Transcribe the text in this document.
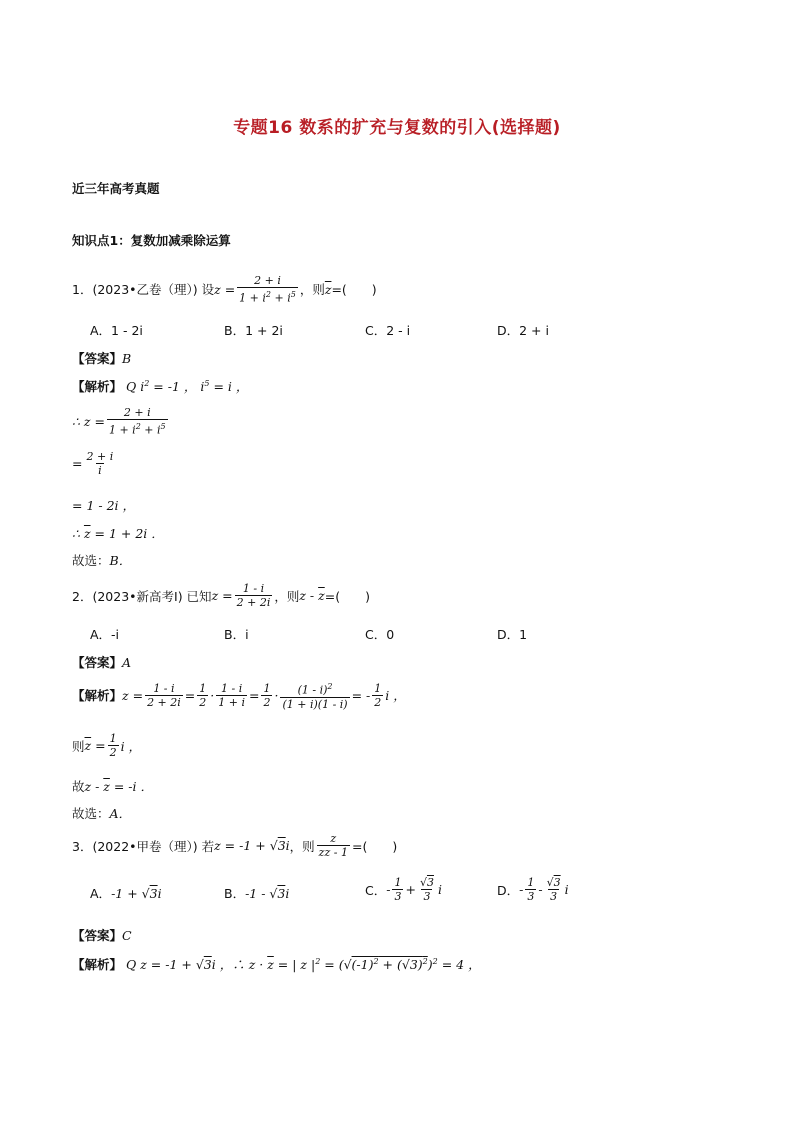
专题16 数系的扩充与复数的引入(选择题)
近三年高考真题
知识点1：复数加减乘除运算
1．(2023•乙卷（理）) 设 $z = \frac{2 + i}{1 + i^2 + i^5}$ ，则 $\overline{z}$ =(　　)
A．1 - 2i	B．1 + 2i	C．2 - i	D．2 + i
【答案】B
【解析】 Q $i^2 = -1$ ， $i^5 = i$ ，
∴ $z = \frac{2 + i}{1 + i^2 + i^5}$
= $\frac{2 + i}{i}$
= 1 - 2i ，
∴ $\overline{z} = 1 + 2i$ ．
故选：B．
2．(2023•新高考Ⅰ) 已知 $z = \frac{1 - i}{2 + 2i}$ ，则 z - $\overline{z}$ =(　　)
A．-i	B．i	C．0	D．1
【答案】A
【解析】 $z = \frac{1 - i}{2 + 2i} = \frac{1}{2} \cdot \frac{1 - i}{1 + i} = \frac{1}{2} \cdot \frac{(1 - i)^2}{(1 + i)(1 - i)}$ = - $\frac{1}{2}$ i ，
则 $\overline{z} = \frac{1}{2}$ i ，
故$z - \overline{z} = -i$ ．
故选：A．
3．(2022•甲卷（理）) 若 z = -1 + √3i ，则 $\frac{z}{z\overline{z} - 1}$ =(　　)
A． -1 + √3i	B． -1 - √3i	C． - $\frac{1}{3} + \frac{√3}{3}$ i	D． - $\frac{1}{3} - \frac{√3}{3}$ i
【答案】C
【解析】 Q z = -1 + √3i ，∴ $z \cdot \overline{z}$ = | z $|^2 = (√(-1)^2 + (√3)^2)^2 = 4$ ，
